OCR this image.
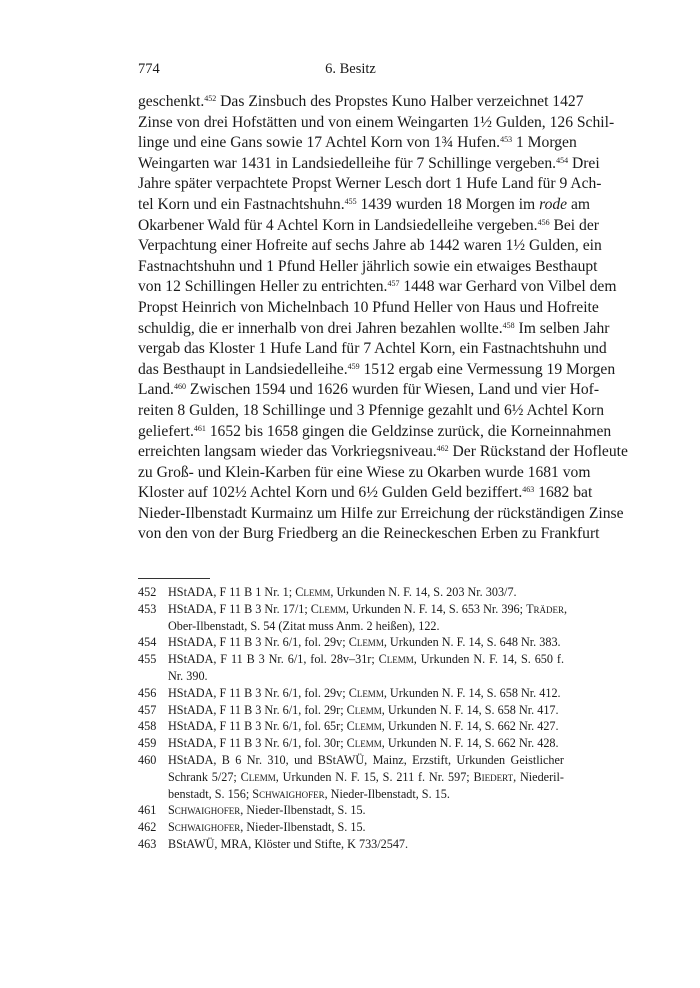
774	6. Besitz
geschenkt.$^{452}$ Das Zinsbuch des Propstes Kuno Halber verzeichnet 1427
Zinse von drei Hofstätten und von einem Weingarten 1½ Gulden, 126 Schil-
linge und eine Gans sowie 17 Achtel Korn von 1¾ Hufen.$^{453}$ 1 Morgen
Weingarten war 1431 in Landsiedelleihe für 7 Schillinge vergeben.$^{454}$ Drei
Jahre später verpachtete Propst Werner Lesch dort 1 Hufe Land für 9 Ach-
tel Korn und ein Fastnachtshuhn.$^{455}$ 1439 wurden 18 Morgen im rode am
Okarbener Wald für 4 Achtel Korn in Landsiedelleihe vergeben.$^{456}$ Bei der
Verpachtung einer Hofreite auf sechs Jahre ab 1442 waren 1½ Gulden, ein
Fastnachtshuhn und 1 Pfund Heller jährlich sowie ein etwaiges Besthaupt
von 12 Schillingen Heller zu entrichten.$^{457}$ 1448 war Gerhard von Vilbel dem
Propst Heinrich von Michelnbach 10 Pfund Heller von Haus und Hofreite
schuldig, die er innerhalb von drei Jahren bezahlen wollte.$^{458}$ Im selben Jahr
vergab das Kloster 1 Hufe Land für 7 Achtel Korn, ein Fastnachtshuhn und
das Besthaupt in Landsiedelleihe.$^{459}$ 1512 ergab eine Vermessung 19 Morgen
Land.$^{460}$ Zwischen 1594 und 1626 wurden für Wiesen, Land und vier Hof-
reiten 8 Gulden, 18 Schillinge und 3 Pfennige gezahlt und 6½ Achtel Korn
geliefert.$^{461}$ 1652 bis 1658 gingen die Geldzinse zurück, die Korneinnahmen
erreichten langsam wieder das Vorkriegsniveau.$^{462}$ Der Rückstand der Hofleute
zu Groß- und Klein-Karben für eine Wiese zu Okarben wurde 1681 vom
Kloster auf 102½ Achtel Korn und 6½ Gulden Geld beziffert.$^{463}$ 1682 bat
Nieder-Ilbenstadt Kurmainz um Hilfe zur Erreichung der rückständigen Zinse
von den von der Burg Friedberg an die Reineckeschen Erben zu Frankfurt
452 HStADA, F 11 B 1 Nr. 1; Clemm, Urkunden N. F. 14, S. 203 Nr. 303/7.
453 HStADA, F 11 B 3 Nr. 17/1; Clemm, Urkunden N. F. 14, S. 653 Nr. 396; Träder,
Ober-Ilbenstadt, S. 54 (Zitat muss Anm. 2 heißen), 122.
454 HStADA, F 11 B 3 Nr. 6/1, fol. 29v; Clemm, Urkunden N. F. 14, S. 648 Nr. 383.
455 HStADA, F 11 B 3 Nr. 6/1, fol. 28v–31r; Clemm, Urkunden N. F. 14, S. 650 f.
Nr. 390.
456 HStADA, F 11 B 3 Nr. 6/1, fol. 29v; Clemm, Urkunden N. F. 14, S. 658 Nr. 412.
457 HStADA, F 11 B 3 Nr. 6/1, fol. 29r; Clemm, Urkunden N. F. 14, S. 658 Nr. 417.
458 HStADA, F 11 B 3 Nr. 6/1, fol. 65r; Clemm, Urkunden N. F. 14, S. 662 Nr. 427.
459 HStADA, F 11 B 3 Nr. 6/1, fol. 30r; Clemm, Urkunden N. F. 14, S. 662 Nr. 428.
460 HStADA, B 6 Nr. 310, und BStAWÜ, Mainz, Erzstift, Urkunden Geistlicher
Schrank 5/27; Clemm, Urkunden N. F. 15, S. 211 f. Nr. 597; Biedert, Niederil-
benstadt, S. 156; Schwaighofer, Nieder-Ilbenstadt, S. 15.
461 Schwaighofer, Nieder-Ilbenstadt, S. 15.
462 Schwaighofer, Nieder-Ilbenstadt, S. 15.
463 BStAWÜ, MRA, Klöster und Stifte, K 733/2547.
